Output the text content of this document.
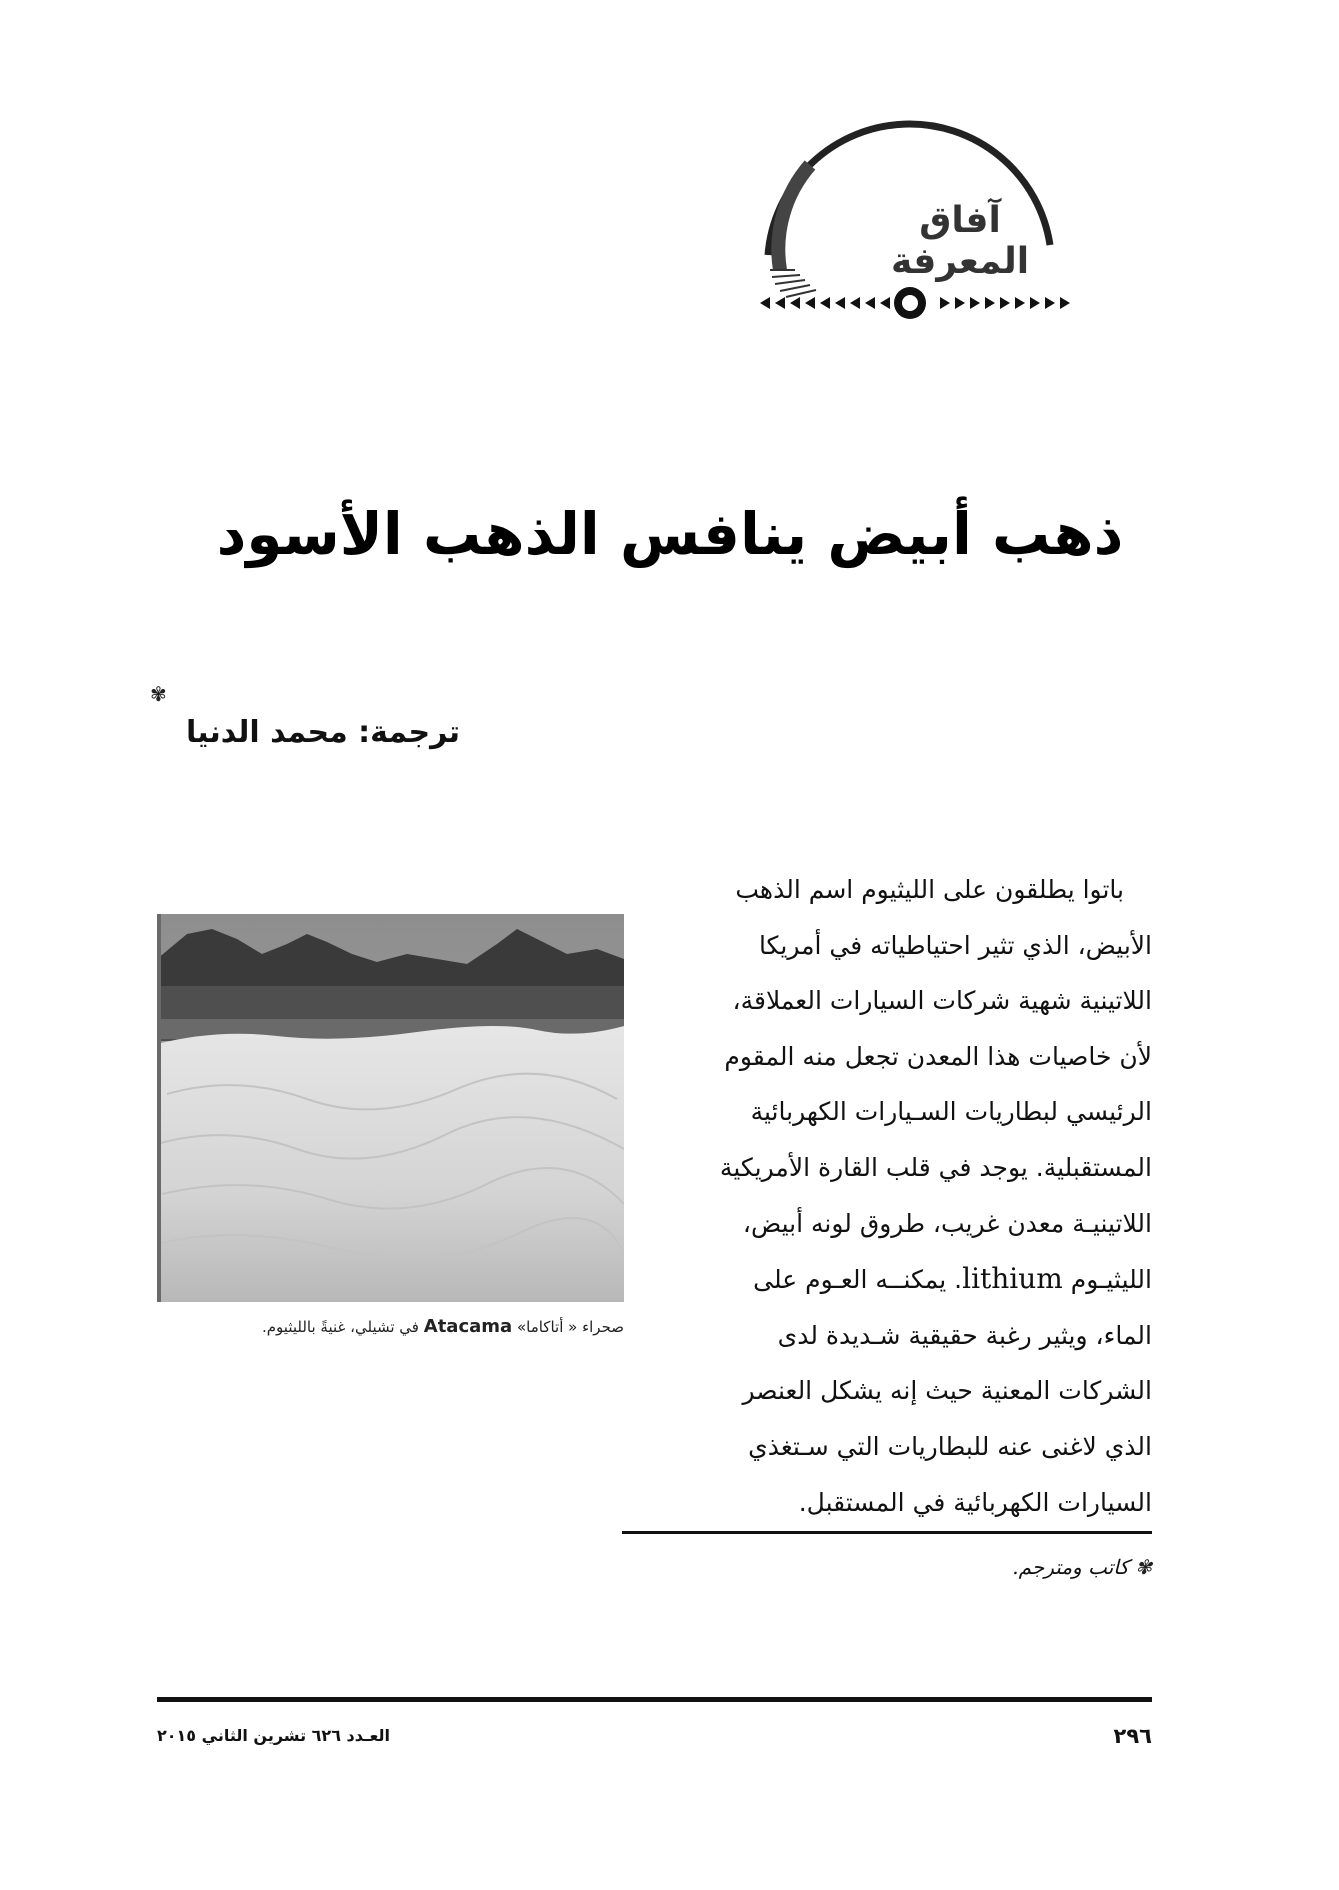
آفاق المعرفة
ذهب أبيض ينافس الذهب الأسود
✾
ترجمة: محمد الدنيا
صحراء « أتاكاما» Atacama في تشيلي، غنيةً بالليثيوم.
باتوا يطلقون على الليثيوم اسم الذهب
الأبيض، الذي تثير احتياطياته في أمريكا
اللاتينية شهية شركات السيارات العملاقة،
لأن خاصيات هذا المعدن تجعل منه المقوم
الرئيسي لبطاريات السـيارات الكهربائية
المستقبلية. يوجد في قلب القارة الأمريكية
اللاتينيـة معدن غريب، طروق لونه أبيض،
الليثيـوم lithium. يمكنــه العـوم على
الماء، ويثير رغبة حقيقية شـديدة لدى
الشركات المعنية حيث إنه يشكل العنصر
الذي لاغنى عنه للبطاريات التي سـتغذي
السيارات الكهربائية في المستقبل.
✾ كاتب ومترجم.
٢٩٦
العـدد ٦٢٦ تشرين الثاني ٢٠١٥
